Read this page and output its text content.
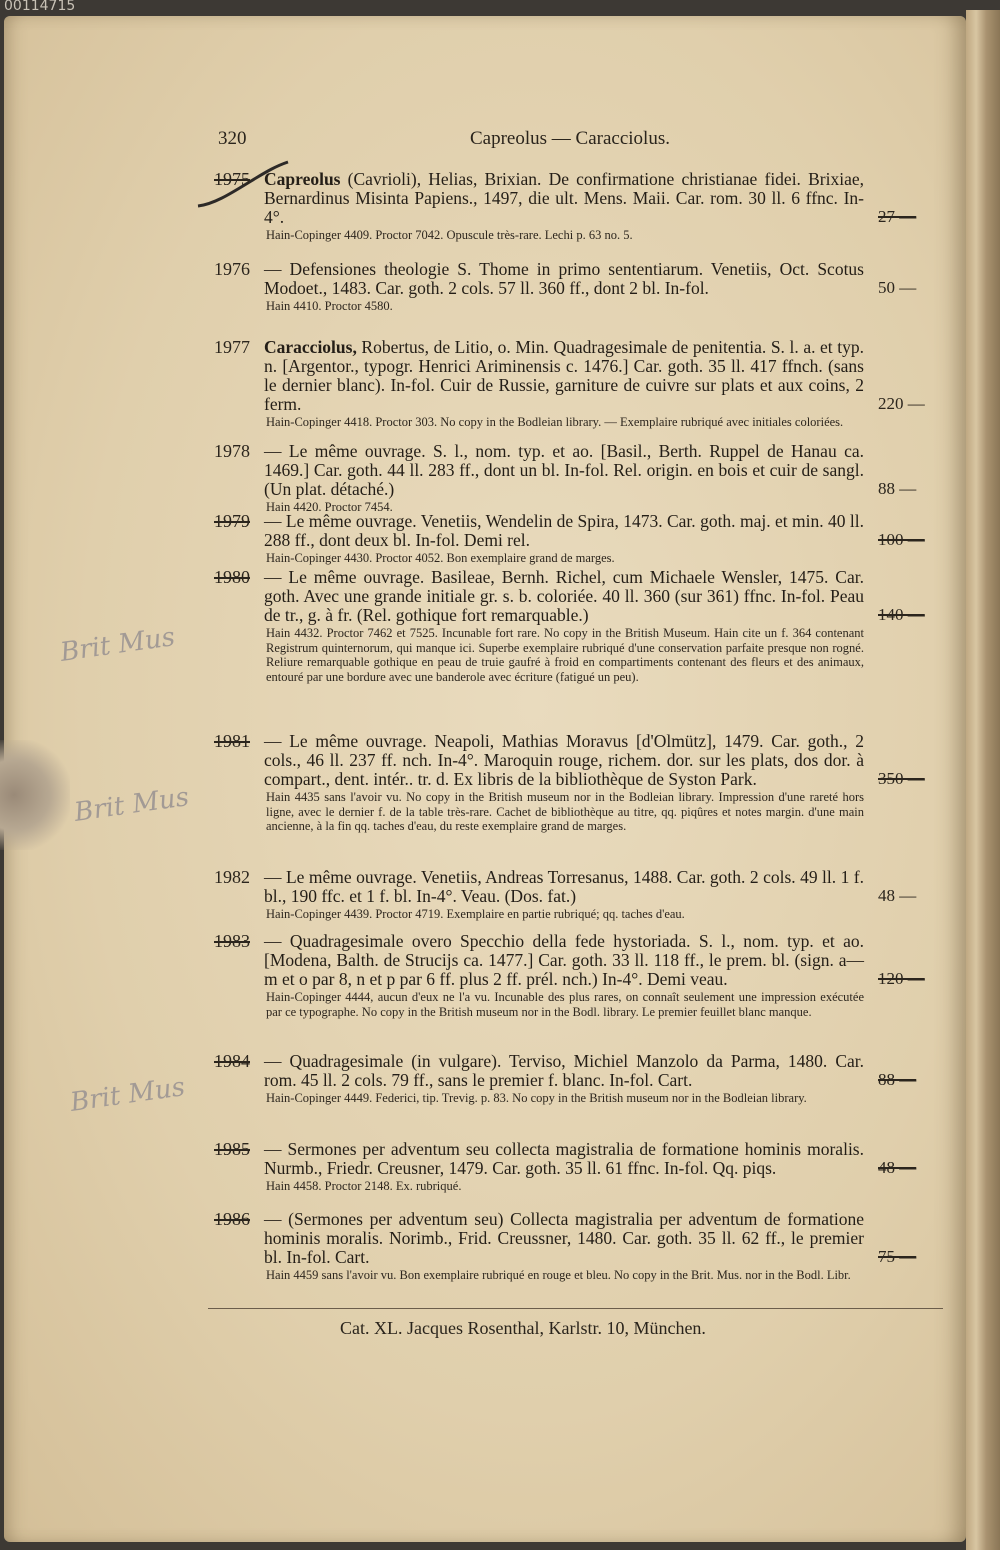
00114715
320	Capreolus — Caracciolus.
1975 Capreolus (Cavrioli), Helias, Brixian. De confirmatione christianae fidei. Brixiae, Bernardinus Misinta Papiens., 1497, die ult. Mens. Maii. Car. rom. 30 ll. 6 ffnc. In-4°.
Hain-Copinger 4409. Proctor 7042. Opuscule très-rare. Lechi p. 63 no. 5.
27 —
1976 — Defensiones theologie S. Thome in primo sententiarum. Venetiis, Oct. Scotus Modoet., 1483. Car. goth. 2 cols. 57 ll. 360 ff., dont 2 bl. In-fol.
Hain 4410. Proctor 4580.
50 —
1977 Caracciolus, Robertus, de Litio, o. Min. Quadragesimale de penitentia. S. l. a. et typ. n. [Argentor., typogr. Henrici Ariminensis c. 1476.] Car. goth. 35 ll. 417 ffnch. (sans le dernier blanc). In-fol. Cuir de Russie, garniture de cuivre sur plats et aux coins, 2 ferm.
Hain-Copinger 4418. Proctor 303. No copy in the Bodleian library. — Exemplaire rubriqué avec initiales coloriées.
220 —
1978 — Le même ouvrage. S. l., nom. typ. et ao. [Basil., Berth. Ruppel de Hanau ca. 1469.] Car. goth. 44 ll. 283 ff., dont un bl. In-fol. Rel. origin. en bois et cuir de sangl. (Un plat. détaché.)
Hain 4420. Proctor 7454.
88 —
1979 — Le même ouvrage. Venetiis, Wendelin de Spira, 1473. Car. goth. maj. et min. 40 ll. 288 ff., dont deux bl. In-fol. Demi rel.
Hain-Copinger 4430. Proctor 4052. Bon exemplaire grand de marges.
100 —
1980 — Le même ouvrage. Basileae, Bernh. Richel, cum Michaele Wensler, 1475. Car. goth. Avec une grande initiale gr. s. b. coloriée. 40 ll. 360 (sur 361) ffnc. In-fol. Peau de tr., g. à fr. (Rel. gothique fort remarquable.)
Hain 4432. Proctor 7462 et 7525. Incunable fort rare. No copy in the British Museum. Hain cite un f. 364 contenant Registrum quinternorum, qui manque ici. Superbe exemplaire rubriqué d'une conservation parfaite presque non rogné. Reliure remarquable gothique en peau de truie gaufré à froid en compartiments contenant des fleurs et des animaux, entouré par une bordure avec une banderole avec écriture (fatigué un peu).
140 —
1981 — Le même ouvrage. Neapoli, Mathias Moravus [d'Olmütz], 1479. Car. goth., 2 cols., 46 ll. 237 ff. nch. In-4°. Maroquin rouge, richem. dor. sur les plats, dos dor. à compart., dent. intér.. tr. d. Ex libris de la bibliothèque de Syston Park.
Hain 4435 sans l'avoir vu. No copy in the British museum nor in the Bodleian library. Impression d'une rareté hors ligne, avec le dernier f. de la table très-rare. Cachet de bibliothèque au titre, qq. piqûres et notes margin. d'une main ancienne, à la fin qq. taches d'eau, du reste exemplaire grand de marges.
350 —
1982 — Le même ouvrage. Venetiis, Andreas Torresanus, 1488. Car. goth. 2 cols. 49 ll. 1 f. bl., 190 ffc. et 1 f. bl. In-4°. Veau. (Dos. fat.)
Hain-Copinger 4439. Proctor 4719. Exemplaire en partie rubriqué; qq. taches d'eau.
48 —
1983 — Quadragesimale overo Specchio della fede hystoriada. S. l., nom. typ. et ao. [Modena, Balth. de Strucijs ca. 1477.] Car. goth. 33 ll. 118 ff., le prem. bl. (sign. a—m et o par 8, n et p par 6 ff. plus 2 ff. prél. nch.) In-4°. Demi veau.
Hain-Copinger 4444, aucun d'eux ne l'a vu. Incunable des plus rares, on connaît seulement une impression exécutée par ce typographe. No copy in the British museum nor in the Bodl. library. Le premier feuillet blanc manque.
120 —
1984 — Quadragesimale (in vulgare). Terviso, Michiel Manzolo da Parma, 1480. Car. rom. 45 ll. 2 cols. 79 ff., sans le premier f. blanc. In-fol. Cart.
Hain-Copinger 4449. Federici, tip. Trevig. p. 83. No copy in the British museum nor in the Bodleian library.
88 —
1985 — Sermones per adventum seu collecta magistralia de formatione hominis moralis. Nurmb., Friedr. Creusner, 1479. Car. goth. 35 ll. 61 ffnc. In-fol. Qq. piqs.
Hain 4458. Proctor 2148. Ex. rubriqué.
48 —
1986 — (Sermones per adventum seu) Collecta magistralia per adventum de formatione hominis moralis. Norimb., Frid. Creussner, 1480. Car. goth. 35 ll. 62 ff., le premier bl. In-fol. Cart.
Hain 4459 sans l'avoir vu. Bon exemplaire rubriqué en rouge et bleu. No copy in the Brit. Mus. nor in the Bodl. Libr.
75 —
Brit Mus
Brit Mus
Brit Mus
Cat. XL. Jacques Rosenthal, Karlstr. 10, München.
